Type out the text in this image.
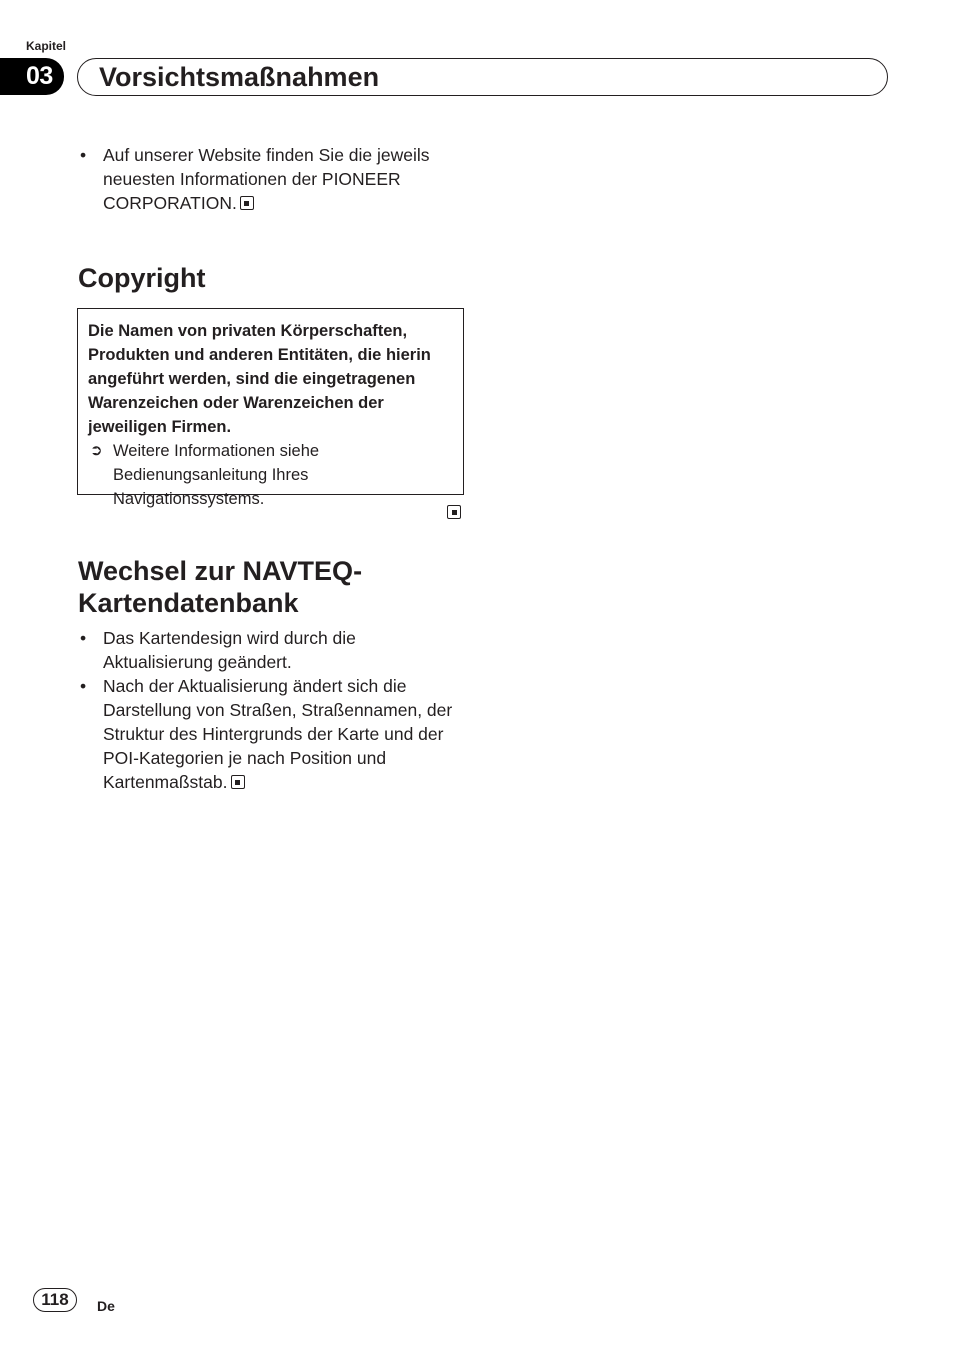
Kapitel
03	Vorsichtsmaßnahmen
• Auf unserer Website finden Sie die jeweils neuesten Informationen der PIONEER CORPORATION.
Copyright

Die Namen von privaten Körperschaften, Produkten und anderen Entitäten, die hierin angeführt werden, sind die eingetragenen Warenzeichen oder Warenzeichen der jeweiligen Firmen.

➲ Weitere Informationen siehe Bedienungsanleitung Ihres Navigationssystems.

Wechsel zur NAVTEQ-
Kartendatenbank
• Das Kartendesign wird durch die Aktualisierung geändert.
• Nach der Aktualisierung ändert sich die Darstellung von Straßen, Straßennamen, der Struktur des Hintergrunds der Karte und der POI-Kategorien je nach Position und Kartenmaßstab.
118	De
